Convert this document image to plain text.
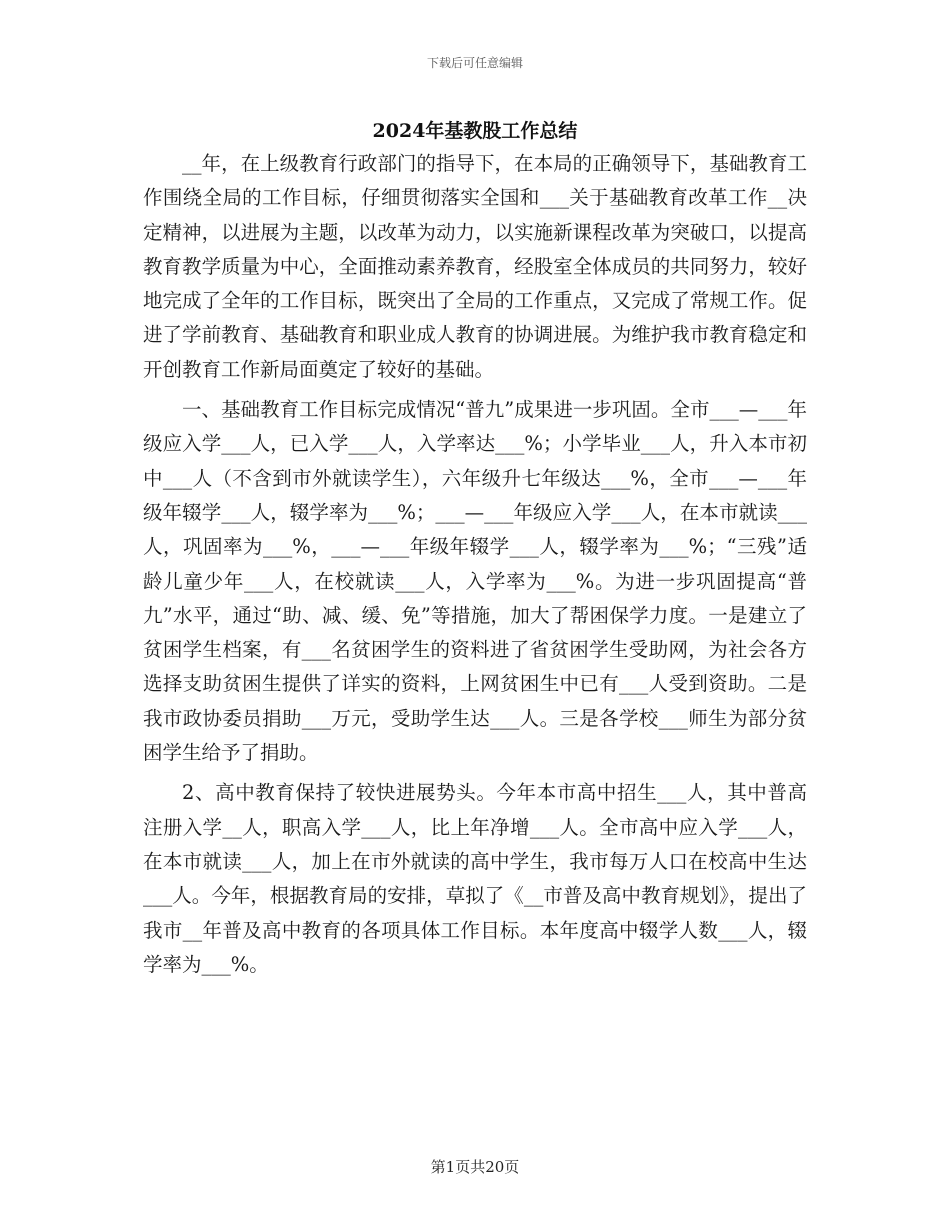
下载后可任意编辑
2024年基教股工作总结

__年，在上级教育行政部门的指导下，在本局的正确领导下，基础教育工作围绕全局的工作目标，仔细贯彻落实全国和___关于基础教育改革工作__决定精神，以进展为主题，以改革为动力，以实施新课程改革为突破口，以提高教育教学质量为中心，全面推动素养教育，经股室全体成员的共同努力，较好地完成了全年的工作目标，既突出了全局的工作重点，又完成了常规工作。促进了学前教育、基础教育和职业成人教育的协调进展。为维护我市教育稳定和开创教育工作新局面奠定了较好的基础。

一、基础教育工作目标完成情况“普九”成果进一步巩固。全市___—___年级应入学___人，已入学___人，入学率达___%；小学毕业___人，升入本市初中___人（不含到市外就读学生），六年级升七年级达___%，全市___—___年级年辍学___人，辍学率为___%；___—___年级应入学___人，在本市就读___人，巩固率为___%，___—___年级年辍学___人，辍学率为___%；“三残”适龄儿童少年___人，在校就读___人，入学率为___%。为进一步巩固提高“普九”水平，通过“助、减、缓、免”等措施，加大了帮困保学力度。一是建立了贫困学生档案，有___名贫困学生的资料进了省贫困学生受助网，为社会各方选择支助贫困生提供了详实的资料，上网贫困生中已有___人受到资助。二是我市政协委员捐助___万元，受助学生达___人。三是各学校___师生为部分贫困学生给予了捐助。

2、高中教育保持了较快进展势头。今年本市高中招生___人，其中普高注册入学__人，职高入学___人，比上年净增___人。全市高中应入学___人，在本市就读___人，加上在市外就读的高中学生，我市每万人口在校高中生达___人。今年，根据教育局的安排，草拟了《__市普及高中教育规划》，提出了我市__年普及高中教育的各项具体工作目标。本年度高中辍学人数___人，辍学率为___%。

第1页共20页
